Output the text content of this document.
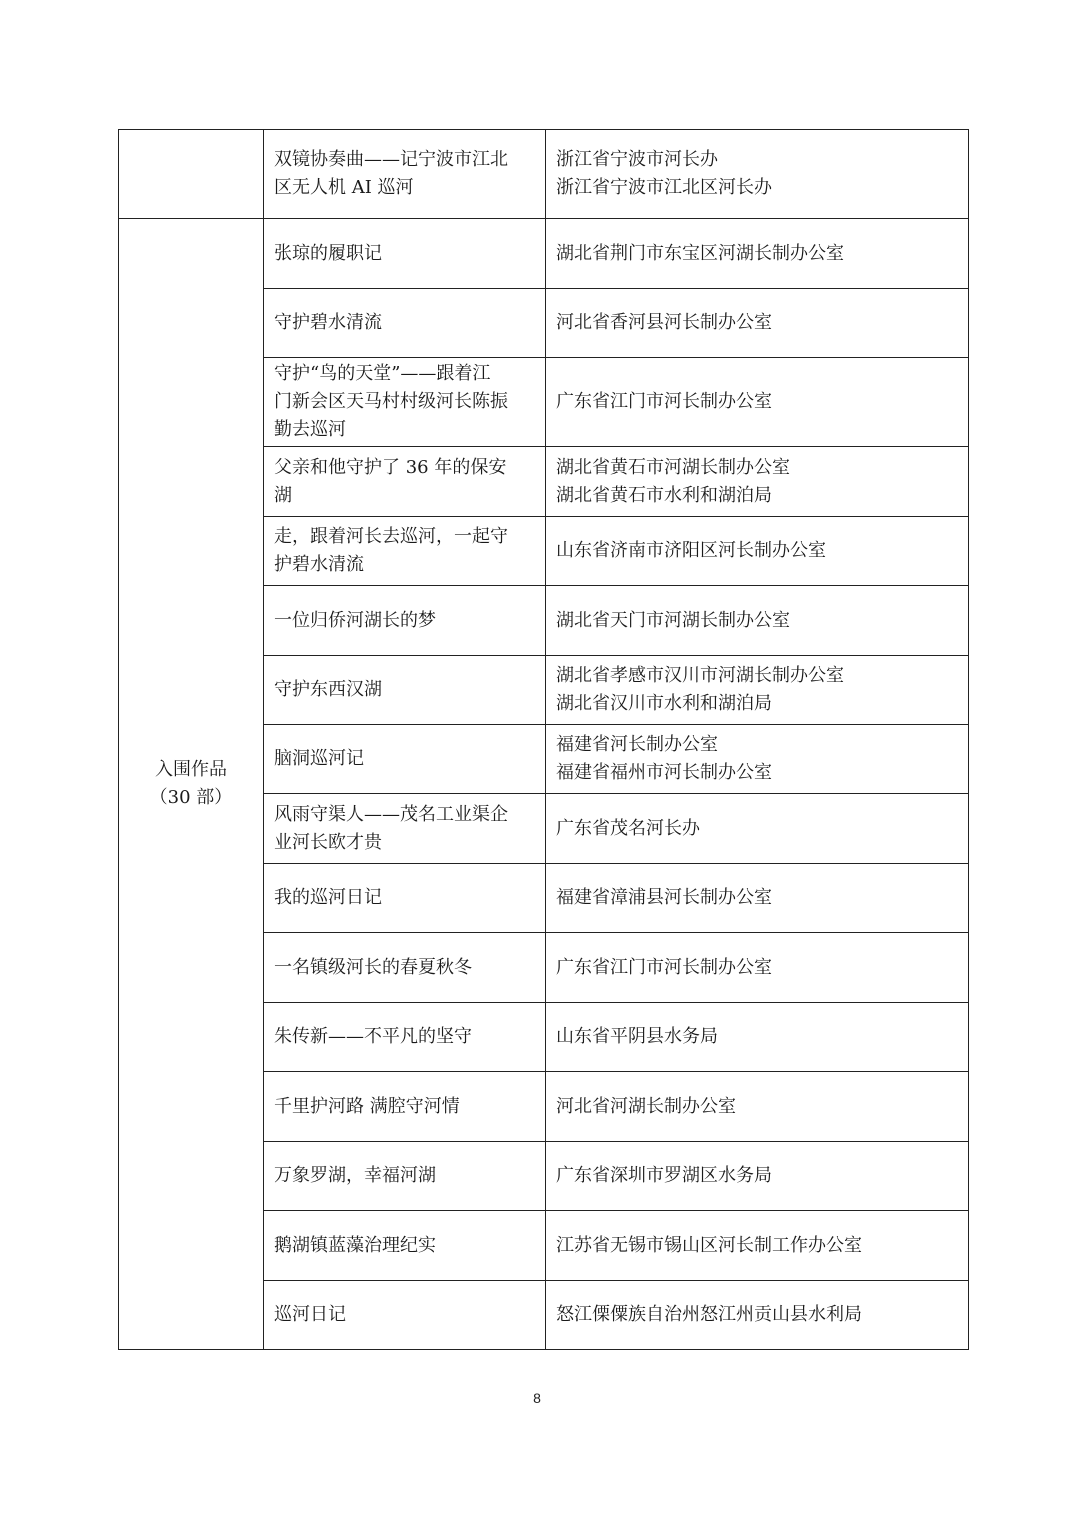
	双镜协奏曲——记宁波市江北
区无人机 AI 巡河	浙江省宁波市河长办
浙江省宁波市江北区河长办

入围作品
（30 部）	张琼的履职记	湖北省荆门市东宝区河湖长制办公室

	守护碧水清流	河北省香河县河长制办公室

	守护“鸟的天堂”——跟着江
门新会区天马村村级河长陈振
勤去巡河	广东省江门市河长制办公室

	父亲和他守护了 36 年的保安
湖	湖北省黄石市河湖长制办公室
湖北省黄石市水利和湖泊局

	走，跟着河长去巡河，一起守
护碧水清流	山东省济南市济阳区河长制办公室

	一位归侨河湖长的梦	湖北省天门市河湖长制办公室

	守护东西汉湖	湖北省孝感市汉川市河湖长制办公室
湖北省汉川市水利和湖泊局

	脑洞巡河记	福建省河长制办公室
福建省福州市河长制办公室

	风雨守渠人——茂名工业渠企
业河长欧才贵	广东省茂名河长办

	我的巡河日记	福建省漳浦县河长制办公室

	一名镇级河长的春夏秋冬	广东省江门市河长制办公室

	朱传新——不平凡的坚守	山东省平阴县水务局

	千里护河路 满腔守河情	河北省河湖长制办公室

	万象罗湖，幸福河湖	广东省深圳市罗湖区水务局

	鹅湖镇蓝藻治理纪实	江苏省无锡市锡山区河长制工作办公室

	巡河日记	怒江傈僳族自治州怒江州贡山县水利局
8
